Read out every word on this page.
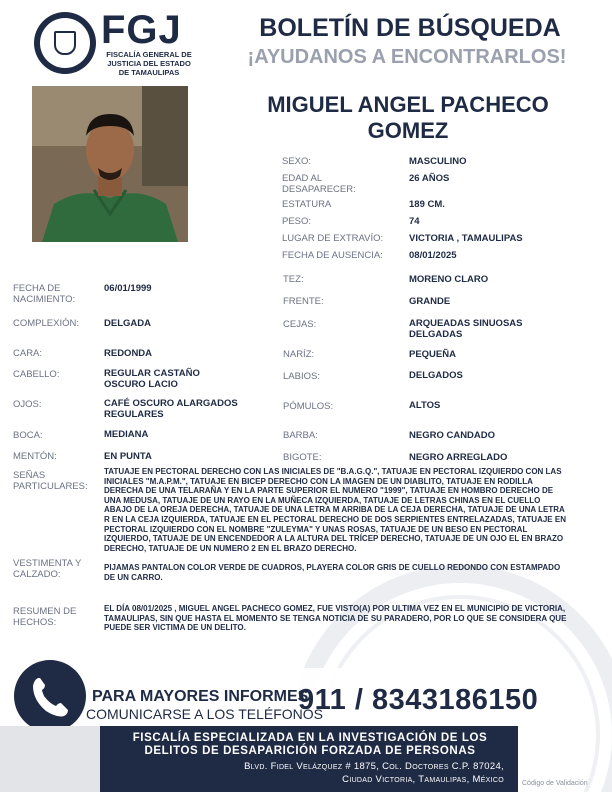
FGJ
FISCALÍA GENERAL DE JUSTICIA DEL ESTADO DE TAMAULIPAS
BOLETÍN DE BÚSQUEDA
¡AYUDANOS A ENCONTRARLOS!
MIGUEL ANGEL PACHECO GOMEZ
SEXO:	MASCULINO
EDAD AL DESAPARECER:
26 AÑOS
ESTATURA	189 CM.
PESO:	74
LUGAR DE EXTRAVÍO:	VICTORIA , TAMAULIPAS
FECHA DE AUSENCIA:	08/01/2025
TEZ:	MORENO CLARO
FRENTE:	GRANDE
CEJAS:	ARQUEADAS SINUOSAS DELGADAS
NARÍZ:	PEQUEÑA
LABIOS:	DELGADOS
PÓMULOS:	ALTOS
BARBA:	NEGRO CANDADO
BIGOTE:	NEGRO ARREGLADO
FECHA DE NACIMIENTO:
06/01/1999
COMPLEXIÓN:	DELGADA
CARA:	REDONDA
CABELLO:	REGULAR CASTAÑO OSCURO LACIO
OJOS:	CAFÉ OSCURO ALARGADOS REGULARES
BOCA:	MEDIANA
MENTÓN:	EN PUNTA
SEÑAS PARTICULARES:
TATUAJE EN PECTORAL DERECHO CON LAS INICIALES DE "B.A.G.Q.", TATUAJE EN PECTORAL IZQUIERDO CON LAS INICIALES "M.A.P.M.", TATUAJE EN BICEP DERECHO CON LA IMAGEN DE UN DIABLITO, TATUAJE EN RODILLA DERECHA DE UNA TELARAÑA Y EN LA PARTE SUPERIOR EL NUMERO "1999", TATUAJE EN HOMBRO DERECHO DE UNA MEDUSA, TATUAJE DE UN RAYO EN LA MUÑECA IZQUIERDA, TATUAJE DE LETRAS CHINAS EN EL CUELLO ABAJO DE LA OREJA DERECHA, TATUAJE DE UNA LETRA M ARRIBA DE LA CEJA DERECHA, TATUAJE DE UNA LETRA R EN LA CEJA IZQUIERDA, TATUAJE EN EL PECTORAL DERECHO DE DOS SERPIENTES ENTRELAZADAS, TATUAJE EN PECTORAL IZQUIERDO CON EL NOMBRE "ZULEYMA" Y UNAS ROSAS, TATUAJE DE UN BESO EN PECTORAL IZQUIERDO, TATUAJE DE UN ENCENDEDOR A LA ALTURA DEL TRÍCEP DERECHO, TATUAJE DE UN OJO EL EN BRAZO DERECHO, TATUAJE DE UN NUMERO 2 EN EL BRAZO DERECHO.
VESTIMENTA Y CALZADO:
PIJAMAS PANTALON COLOR VERDE DE CUADROS, PLAYERA COLOR GRIS DE CUELLO REDONDO CON ESTAMPADO DE UN CARRO.
RESUMEN DE HECHOS:
EL DÍA 08/01/2025 , MIGUEL ANGEL PACHECO GOMEZ, FUE VISTO(A) POR ULTIMA VEZ EN EL MUNICIPIO DE VICTORIA, TAMAULIPAS, SIN QUE HASTA EL MOMENTO SE TENGA NOTICIA DE SU PARADERO, POR LO QUE SE CONSIDERA QUE PUEDE SER VICTIMA DE UN DELITO.
PARA MAYORES INFORMES,
COMUNICARSE A LOS TELÉFONOS
911 / 8343186150
FISCALÍA ESPECIALIZADA EN LA INVESTIGACIÓN DE LOS
DELITOS DE DESAPARICIÓN FORZADA DE PERSONAS
Blvd. Fidel Velázquez # 1875, Col. Doctores C.P. 87024,
Ciudad Victoria, Tamaulipas, México	Código de Validación
